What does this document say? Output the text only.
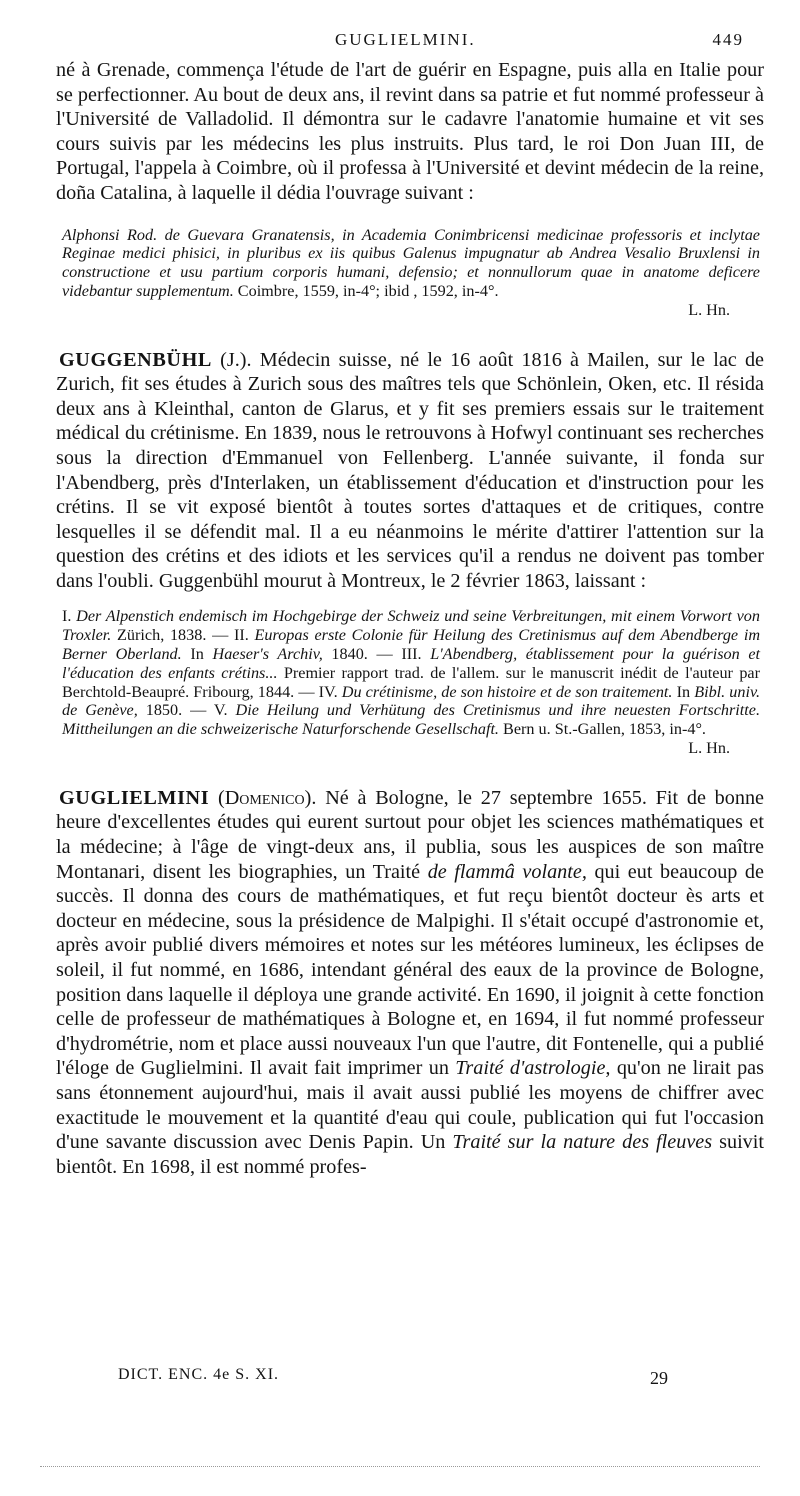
GUGLIELMINI.	449

né à Grenade, commença l'étude de l'art de guérir en Espagne, puis alla en Italie pour se perfectionner. Au bout de deux ans, il revint dans sa patrie et fut nommé professeur à l'Université de Valladolid. Il démontra sur le cadavre l'anatomie humaine et vit ses cours suivis par les médecins les plus instruits. Plus tard, le roi Don Juan III, de Portugal, l'appela à Coimbre, où il professa à l'Université et devint médecin de la reine, doña Catalina, à laquelle il dédia l'ouvrage suivant :

Alphonsi Rod. de Guevara Granatensis, in Academia Conimbricensi medicinae professoris et inclytae Reginae medici phisici, in pluribus ex iis quibus Galenus impugnatur ab Andrea Vesalio Bruxlensi in constructione et usu partium corporis humani, defensio; et nonnullorum quae in anatome deficere videbantur supplementum. Coimbre, 1559, in-4°; ibid , 1592, in-4°.
L. Hn.

GUGGENBÜHL (J.). Médecin suisse, né le 16 août 1816 à Mailen, sur le lac de Zurich, fit ses études à Zurich sous des maîtres tels que Schönlein, Oken, etc. Il résida deux ans à Kleinthal, canton de Glarus, et y fit ses premiers essais sur le traitement médical du crétinisme. En 1839, nous le retrouvons à Hofwyl continuant ses recherches sous la direction d'Emmanuel von Fellenberg. L'année suivante, il fonda sur l'Abendberg, près d'Interlaken, un établissement d'éducation et d'instruction pour les crétins. Il se vit exposé bientôt à toutes sortes d'attaques et de critiques, contre lesquelles il se défendit mal. Il a eu néanmoins le mérite d'attirer l'attention sur la question des crétins et des idiots et les services qu'il a rendus ne doivent pas tomber dans l'oubli. Guggenbühl mourut à Montreux, le 2 février 1863, laissant :

I. Der Alpenstich endemisch im Hochgebirge der Schweiz und seine Verbreitungen, mit einem Vorwort von Troxler. Zürich, 1838. — II. Europas erste Colonie für Heilung des Cretinismus auf dem Abendberge im Berner Oberland. In Haeser's Archiv, 1840. — III. L'Abendberg, établissement pour la guérison et l'éducation des enfants crétins... Premier rapport trad. de l'allem. sur le manuscrit inédit de l'auteur par Berchtold-Beaupré. Fribourg, 1844. — IV. Du crétinisme, de son histoire et de son traitement. In Bibl. univ. de Genève, 1850. — V. Die Heilung und Verhütung des Cretinismus und ihre neuesten Fortschritte. Mittheilungen an die schweizerische Naturforschende Gesellschaft. Bern u. St.-Gallen, 1853, in-4°.
L. Hn.

GUGLIELMINI (Domenico). Né à Bologne, le 27 septembre 1655. Fit de bonne heure d'excellentes études qui eurent surtout pour objet les sciences mathématiques et la médecine; à l'âge de vingt-deux ans, il publia, sous les auspices de son maître Montanari, disent les biographies, un Traité de flammâ volante, qui eut beaucoup de succès. Il donna des cours de mathématiques, et fut reçu bientôt docteur ès arts et docteur en médecine, sous la présidence de Malpighi. Il s'était occupé d'astronomie et, après avoir publié divers mémoires et notes sur les météores lumineux, les éclipses de soleil, il fut nommé, en 1686, intendant général des eaux de la province de Bologne, position dans laquelle il déploya une grande activité. En 1690, il joignit à cette fonction celle de professeur de mathématiques à Bologne et, en 1694, il fut nommé professeur d'hydrométrie, nom et place aussi nouveaux l'un que l'autre, dit Fontenelle, qui a publié l'éloge de Guglielmini. Il avait fait imprimer un Traité d'astrologie, qu'on ne lirait pas sans étonnement aujourd'hui, mais il avait aussi publié les moyens de chiffrer avec exactitude le mouvement et la quantité d'eau qui coule, publication qui fut l'occasion d'une savante discussion avec Denis Papin. Un Traité sur la nature des fleuves suivit bientôt. En 1698, il est nommé profes-

DICT. ENC. 4e S. XI.	29
